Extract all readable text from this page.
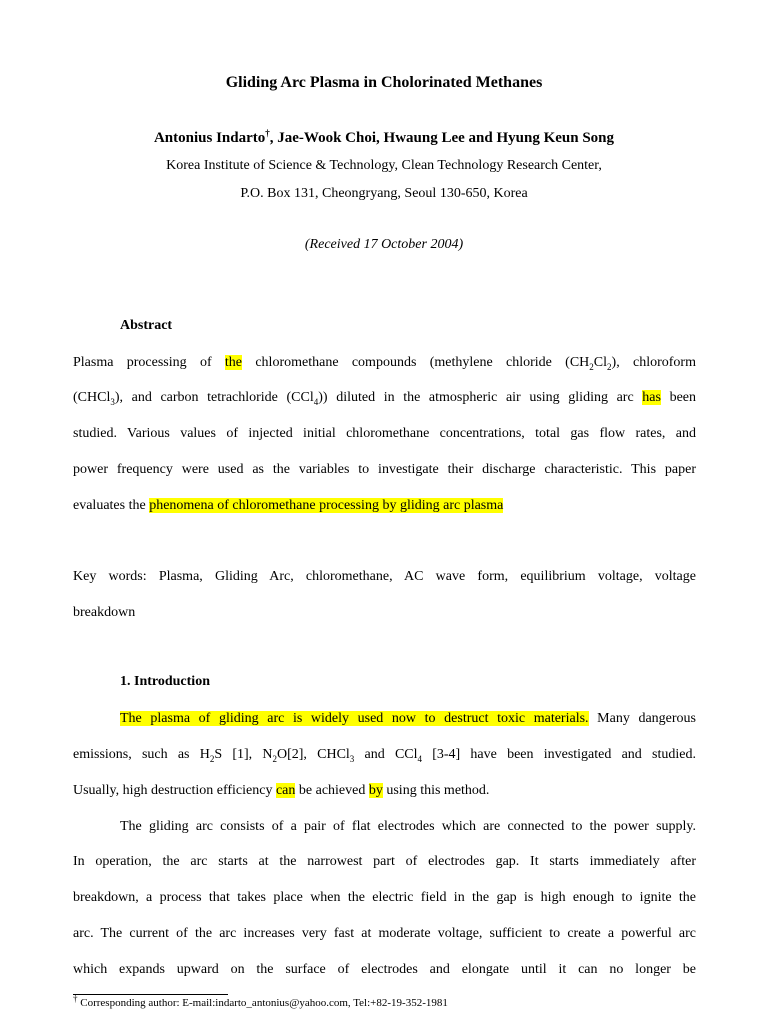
Gliding Arc Plasma in Cholorinated Methanes
Antonius Indarto†, Jae-Wook Choi, Hwaung Lee and Hyung Keun Song
Korea Institute of Science & Technology, Clean Technology Research Center,
P.O. Box 131, Cheongryang, Seoul 130-650, Korea
(Received 17 October 2004)
Abstract
Plasma processing of the chloromethane compounds (methylene chloride $(CH_2Cl_2)$, chloroform
(CHCl$_3$), and carbon tetrachloride (CCl$_4$)) diluted in the atmospheric air using gliding arc has been
studied. Various values of injected initial chloromethane concentrations, total gas flow rates, and
power frequency were used as the variables to investigate their discharge characteristic. This paper
evaluates the phenomena of chloromethane processing by gliding arc plasma
Key words: Plasma, Gliding Arc, chloromethane, AC wave form, equilibrium voltage, voltage
breakdown
1. Introduction
The plasma of gliding arc is widely used now to destruct toxic materials. Many dangerous
emissions, such as $H_2S$ [1], $N_2O[2]$, CHCl$_3$ and CCl$_4$ [3-4] have been investigated and studied.
Usually, high destruction efficiency can be achieved by using this method.
The gliding arc consists of a pair of flat electrodes which are connected to the power supply.
In operation, the arc starts at the narrowest part of electrodes gap. It starts immediately after
breakdown, a process that takes place when the electric field in the gap is high enough to ignite the
arc. The current of the arc increases very fast at moderate voltage, sufficient to create a powerful arc
which expands upward on the surface of electrodes and elongate until it can no longer be
† Corresponding author: E-mail:indarto_antonius@yahoo.com, Tel:+82-19-352-1981
